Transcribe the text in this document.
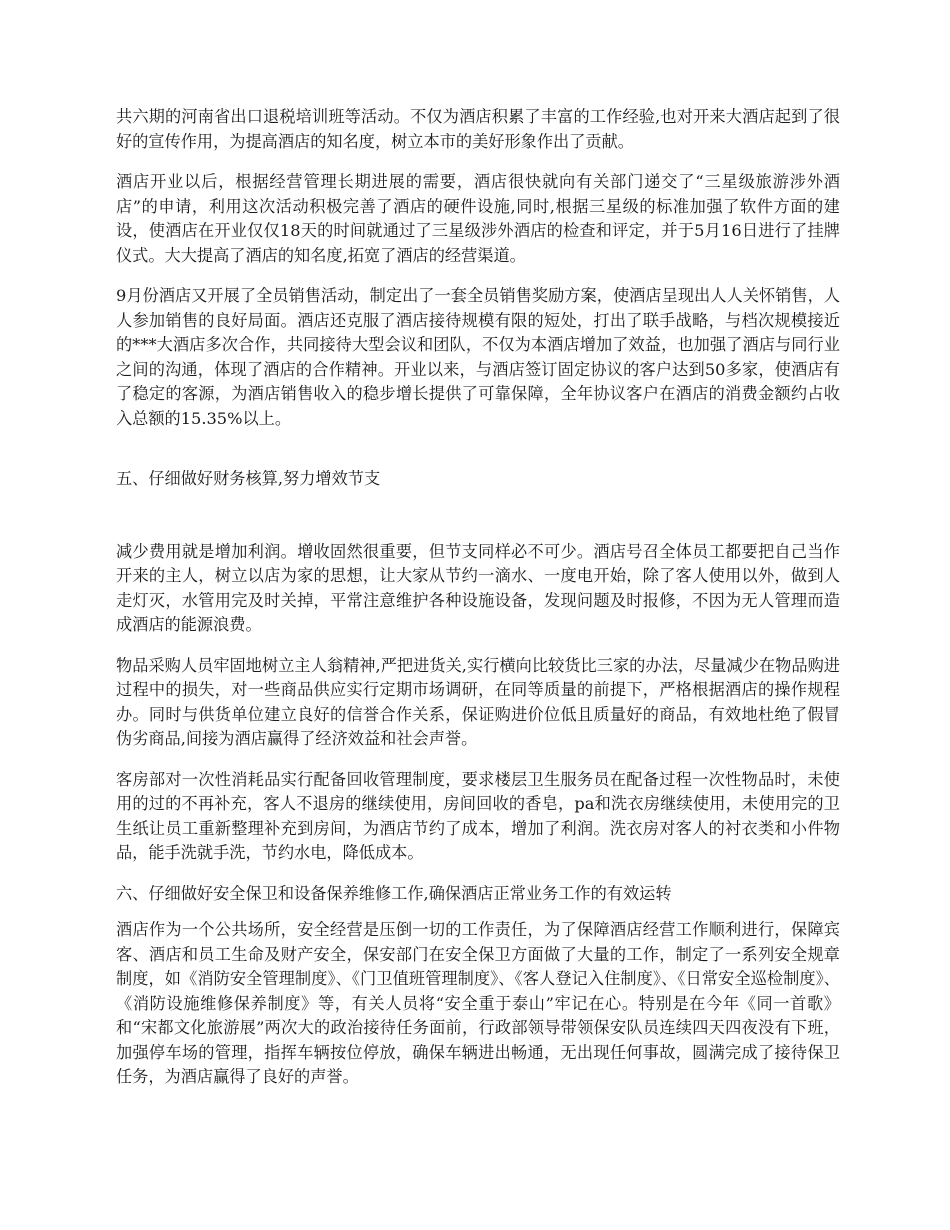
共六期的河南省出口退税培训班等活动。不仅为酒店积累了丰富的工作经验,也对开来大酒店起到了很好的宣传作用，为提高酒店的知名度，树立本市的美好形象作出了贡献。

酒店开业以后，根据经营管理长期进展的需要，酒店很快就向有关部门递交了“三星级旅游涉外酒店”的申请，利用这次活动积极完善了酒店的硬件设施,同时,根据三星级的标准加强了软件方面的建设，使酒店在开业仅仅18天的时间就通过了三星级涉外酒店的检查和评定，并于5月16日进行了挂牌仪式。大大提高了酒店的知名度,拓宽了酒店的经营渠道。

9月份酒店又开展了全员销售活动，制定出了一套全员销售奖励方案，使酒店呈现出人人关怀销售，人人参加销售的良好局面。酒店还克服了酒店接待规模有限的短处，打出了联手战略，与档次规模接近的***大酒店多次合作，共同接待大型会议和团队，不仅为本酒店增加了效益，也加强了酒店与同行业之间的沟通，体现了酒店的合作精神。开业以来，与酒店签订固定协议的客户达到50多家，使酒店有了稳定的客源，为酒店销售收入的稳步增长提供了可靠保障，全年协议客户在酒店的消费金额约占收入总额的15.35%以上。

五、仔细做好财务核算,努力增效节支

减少费用就是增加利润。增收固然很重要，但节支同样必不可少。酒店号召全体员工都要把自己当作开来的主人，树立以店为家的思想，让大家从节约一滴水、一度电开始，除了客人使用以外，做到人走灯灭，水管用完及时关掉，平常注意维护各种设施设备，发现问题及时报修，不因为无人管理而造成酒店的能源浪费。

物品采购人员牢固地树立主人翁精神,严把进货关,实行横向比较货比三家的办法，尽量减少在物品购进过程中的损失，对一些商品供应实行定期市场调研，在同等质量的前提下，严格根据酒店的操作规程办。同时与供货单位建立良好的信誉合作关系，保证购进价位低且质量好的商品，有效地杜绝了假冒伪劣商品,间接为酒店赢得了经济效益和社会声誉。

客房部对一次性消耗品实行配备回收管理制度，要求楼层卫生服务员在配备过程一次性物品时，未使用的过的不再补充，客人不退房的继续使用，房间回收的香皂，pa和洗衣房继续使用，未使用完的卫生纸让员工重新整理补充到房间，为酒店节约了成本，增加了利润。洗衣房对客人的衬衣类和小件物品，能手洗就手洗，节约水电，降低成本。

六、仔细做好安全保卫和设备保养维修工作,确保酒店正常业务工作的有效运转

酒店作为一个公共场所，安全经营是压倒一切的工作责任，为了保障酒店经营工作顺利进行，保障宾客、酒店和员工生命及财产安全，保安部门在安全保卫方面做了大量的工作，制定了一系列安全规章制度，如《消防安全管理制度》、《门卫值班管理制度》、《客人登记入住制度》、《日常安全巡检制度》、《消防设施维修保养制度》等，有关人员将“安全重于泰山”牢记在心。特别是在今年《同一首歌》和“宋都文化旅游展”两次大的政治接待任务面前，行政部领导带领保安队员连续四天四夜没有下班，加强停车场的管理，指挥车辆按位停放，确保车辆进出畅通，无出现任何事故，圆满完成了接待保卫任务，为酒店赢得了良好的声誉。
